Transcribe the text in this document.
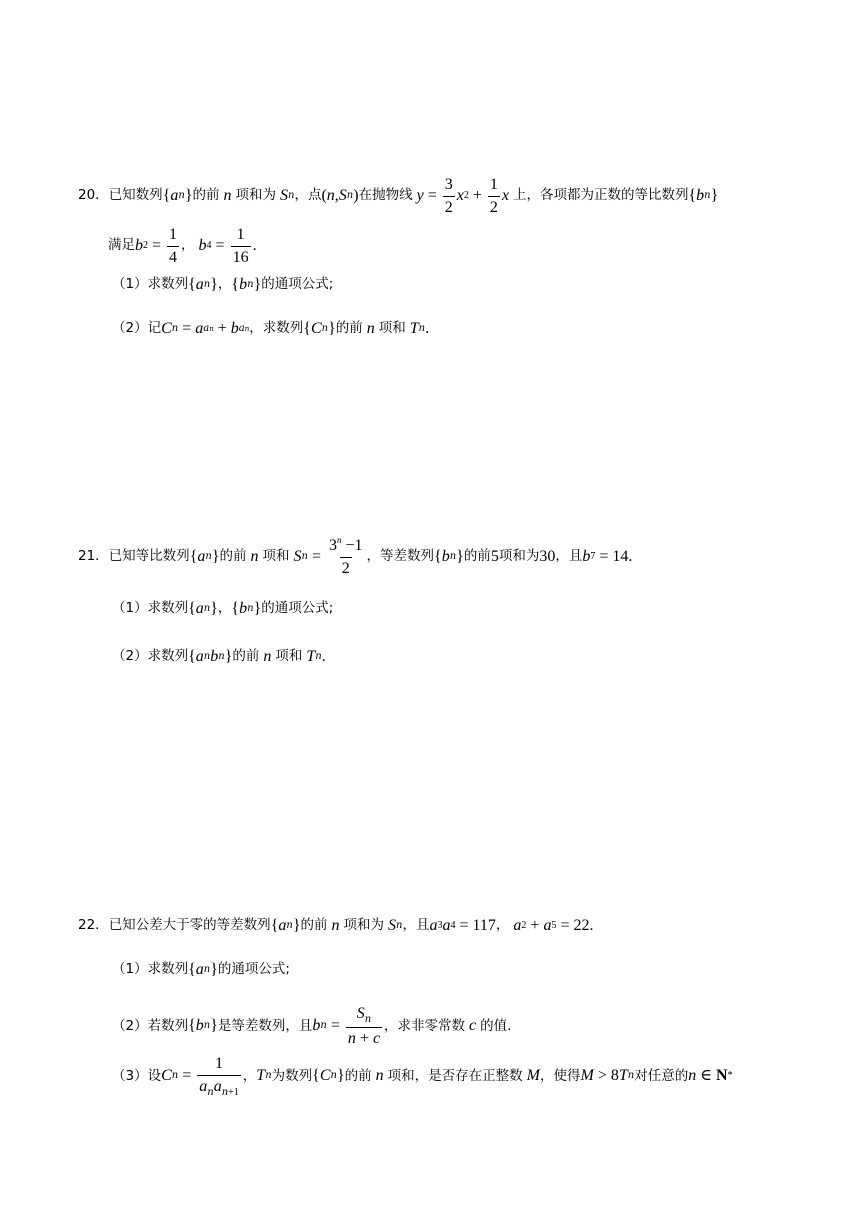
20． 已知数列 { a n } 的前 n 项和为 S n ，点 ( n , S n ) 在抛物线 $y = \frac{3}{2}$ x $2 + \frac{1}{2}$ x 上，各项都为正数的等比数列 { b n }
满足 b $2 = \frac{1}{4}$ ， b $4 = \frac{1}{16}$ .
（1）求数列 { a n } ， { b n } 的通项公式;
（2）记 C n = a a n + b a n ，求数列 { C n } 的前 n 项和 T n .
21． 已知等比数列 { a n } 的前 n 项和 S $n = \frac{3^n -1}{2}$ ，等差数列 { b n } 的前 5 项和为 30 ，且 b 7 = 14 .
（1）求数列 { a n } ， { b n } 的通项公式;
（2）求数列 { a n b n } 的前 n 项和 T n .
22． 已知公差大于零的等差数列 { a n } 的前 n 项和为 S n ，且 a 3 a 4 = 117 ， a 2 + a 5 = 22 .
（1）求数列 { a n } 的通项公式;
（2）若数列 { b n } 是等差数列，且 b $n = \frac{S_n}{n + c}$ ，求非零常数 c 的值.
（3）设 C $n = \frac{1}{a_na_{n+1}}$ ， T n 为数列 { C n } 的前 n 项和，是否存在正整数 M ，使得 M > 8 T n 对任意的 n ∈ N *
